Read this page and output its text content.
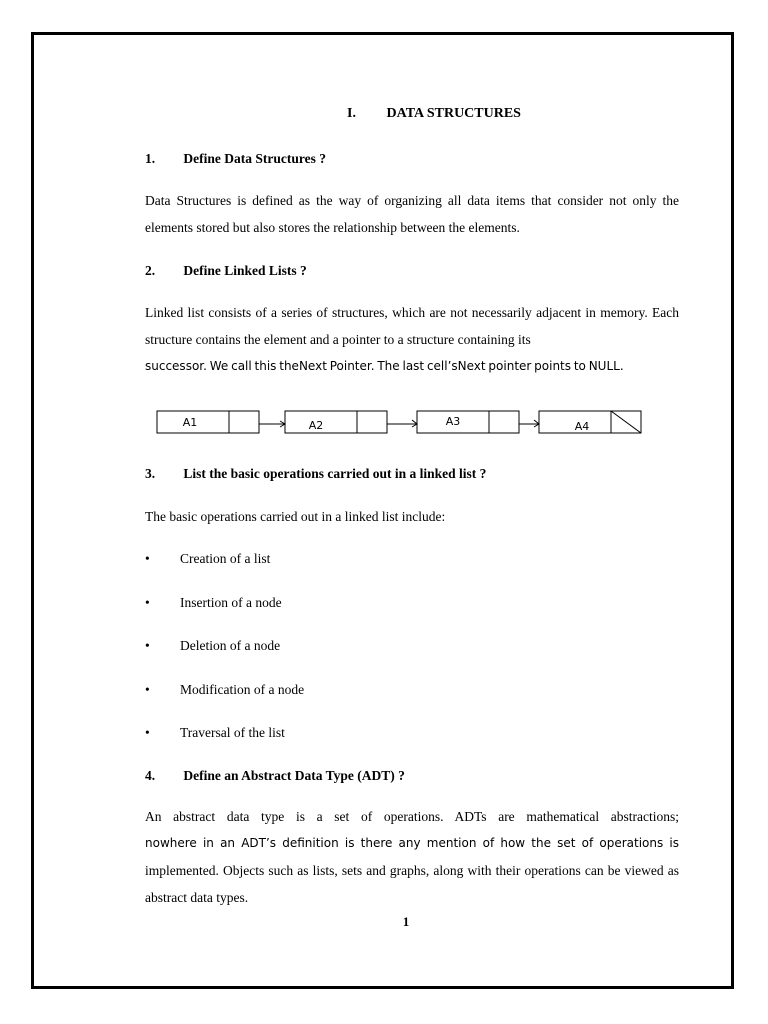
I. DATA STRUCTURES
1. Define Data Structures ?
Data Structures is defined as the way of organizing all data items that consider not only the elements stored but also stores the relationship between the elements.
2. Define Linked Lists ?
Linked list consists of a series of structures, which are not necessarily adjacent in memory. Each structure contains the element and a pointer to a structure containing its
successor. We call this theNext Pointer. The last cell’sNext pointer points to NULL.
A1	A2	A3	A4
3. List the basic operations carried out in a linked list ?
The basic operations carried out in a linked list include:
• Creation of a list
• Insertion of a node
• Deletion of a node
• Modification of a node
• Traversal of the list
4. Define an Abstract Data Type (ADT) ?
An abstract data type is a set of operations. ADTs are mathematical abstractions;
nowhere in an ADT’s definition is there any mention of how the set of operations is
implemented. Objects such as lists, sets and graphs, along with their operations can be viewed as abstract data types.
1
